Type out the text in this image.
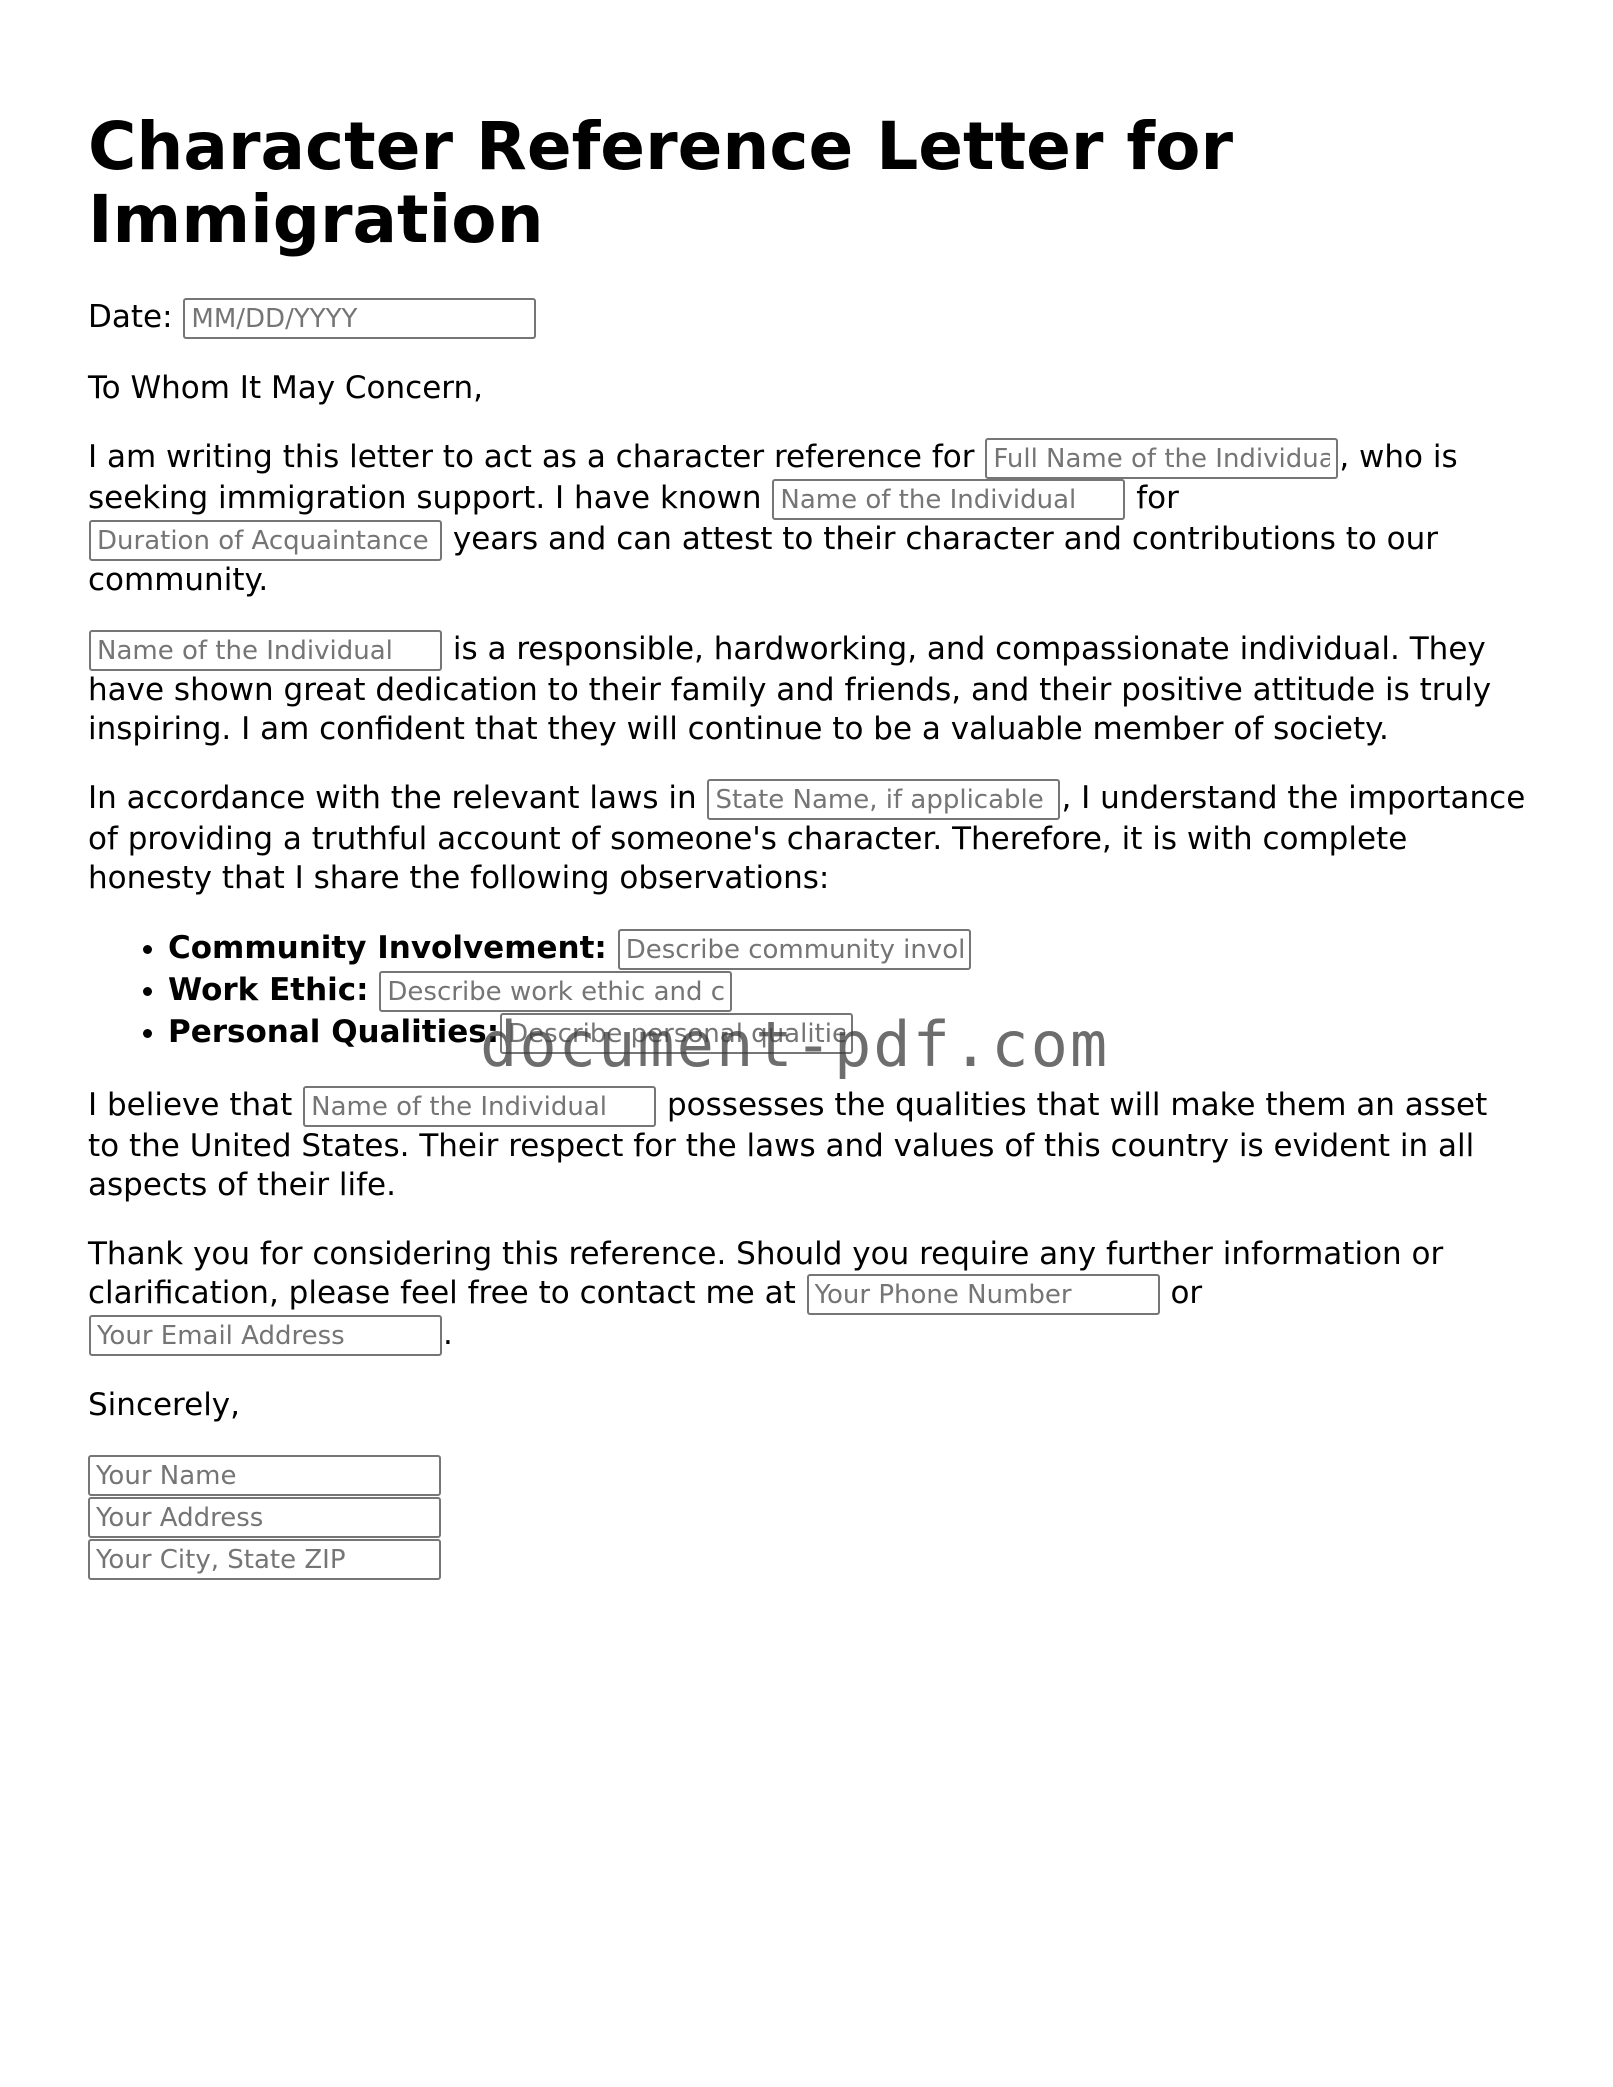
Character Reference Letter for Immigration

Date: MM/DD/YYYY

To Whom It May Concern,

I am writing this letter to act as a character reference for Full Name of the Individual	, who is seeking immigration support. I have known Name of the Individual	for Duration of Acquaintance years and can attest to their character and contributions to our community.

Name of the Individual is a responsible, hardworking, and compassionate individual. They have shown great dedication to their family and friends, and their positive attitude is truly inspiring. I am confident that they will continue to be a valuable member of society.

In accordance with the relevant laws in State Name, if applicable (e.g., California)	, I understand the importance of providing a truthful account of someone's character. Therefore, it is with complete honesty that I share the following observations:

• Community Involvement: Describe community involvement
• Work Ethic: Describe work ethic and commitment
• Personal Qualities:Describe personal qualities

I believe that Name of the Individual	possesses the qualities that will make them an asset to the United States. Their respect for the laws and values of this country is evident in all aspects of their life.

Thank you for considering this reference. Should you require any further information or clarification, please feel free to contact me at Your Phone Number	or Your Email Address.

Sincerely,

Your Name
Your Address
Your City, State ZIP
document-pdf.com
